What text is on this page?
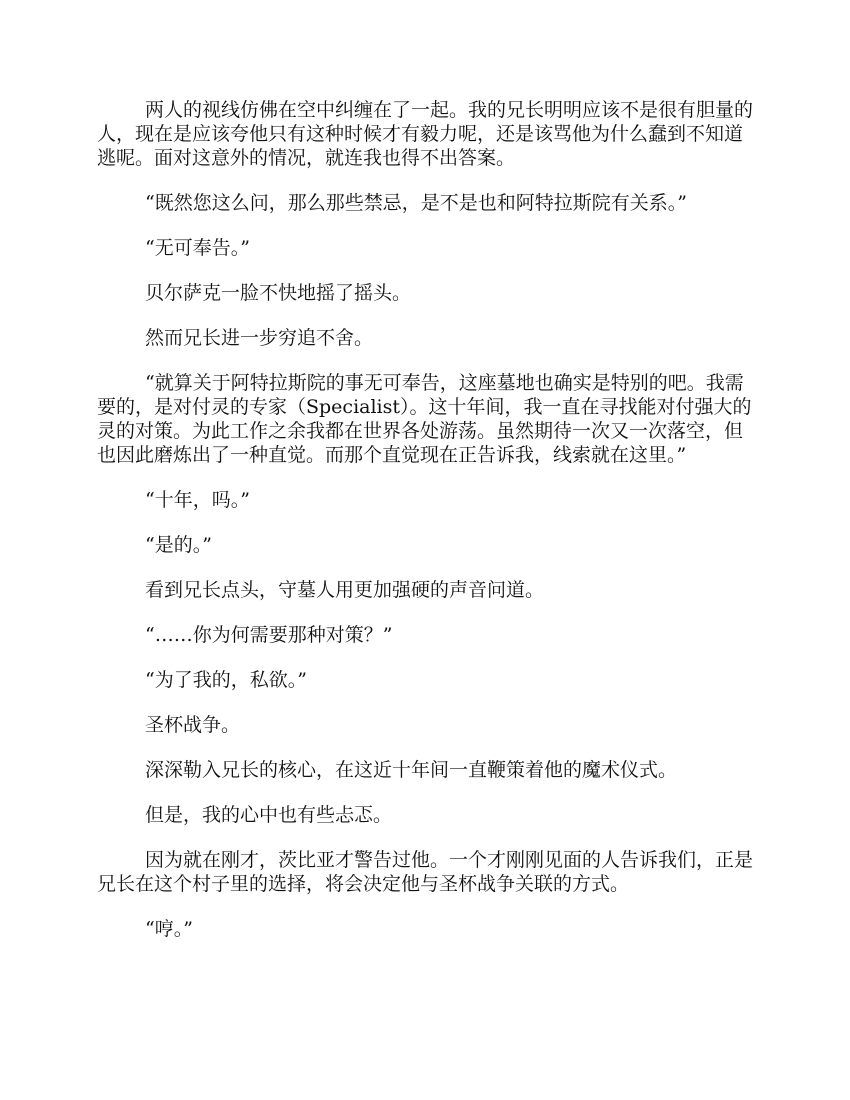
两人的视线仿佛在空中纠缠在了一起。我的兄长明明应该不是很有胆量的人，现在是应该夸他只有这种时候才有毅力呢，还是该骂他为什么蠢到不知道逃呢。面对这意外的情况，就连我也得不出答案。

“既然您这么问，那么那些禁忌，是不是也和阿特拉斯院有关系。”

“无可奉告。”

贝尔萨克一脸不快地摇了摇头。

然而兄长进一步穷追不舍。

“就算关于阿特拉斯院的事无可奉告，这座墓地也确实是特别的吧。我需要的，是对付灵的专家（Specialist）。这十年间，我一直在寻找能对付强大的灵的对策。为此工作之余我都在世界各处游荡。虽然期待一次又一次落空，但也因此磨炼出了一种直觉。而那个直觉现在正告诉我，线索就在这里。”

“十年，吗。”

“是的。”

看到兄长点头，守墓人用更加强硬的声音问道。

“……你为何需要那种对策？”

“为了我的，私欲。”

圣杯战争。

深深勒入兄长的核心，在这近十年间一直鞭策着他的魔术仪式。

但是，我的心中也有些忐忑。

因为就在刚才，茨比亚才警告过他。一个才刚刚见面的人告诉我们，正是兄长在这个村子里的选择，将会决定他与圣杯战争关联的方式。

“哼。”
